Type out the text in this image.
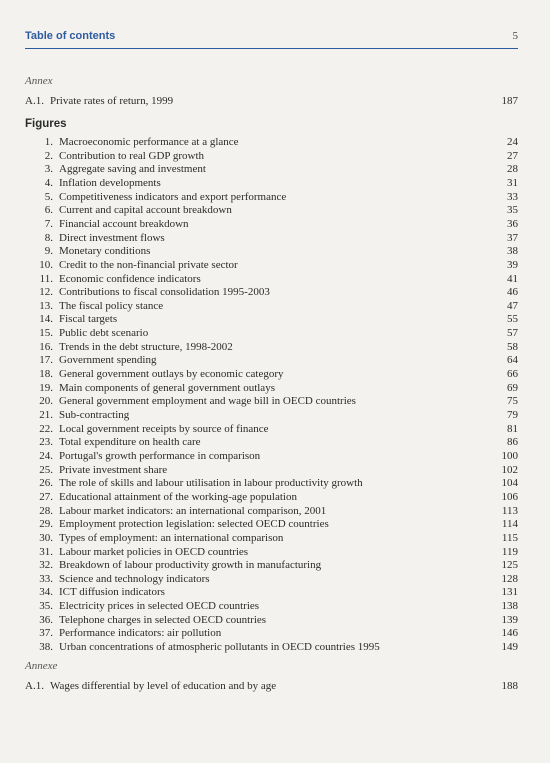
Table of contents	5
Annex
A.1. Private rates of return, 1999	187
Figures
1. Macroeconomic performance at a glance	24
2. Contribution to real GDP growth	27
3. Aggregate saving and investment	28
4. Inflation developments	31
5. Competitiveness indicators and export performance	33
6. Current and capital account breakdown	35
7. Financial account breakdown	36
8. Direct investment flows	37
9. Monetary conditions	38
10. Credit to the non-financial private sector	39
11. Economic confidence indicators	41
12. Contributions to fiscal consolidation 1995-2003	46
13. The fiscal policy stance	47
14. Fiscal targets	55
15. Public debt scenario	57
16. Trends in the debt structure, 1998-2002	58
17. Government spending	64
18. General government outlays by economic category	66
19. Main components of general government outlays	69
20. General government employment and wage bill in OECD countries	75
21. Sub-contracting	79
22. Local government receipts by source of finance	81
23. Total expenditure on health care	86
24. Portugal's growth performance in comparison	100
25. Private investment share	102
26. The role of skills and labour utilisation in labour productivity growth	104
27. Educational attainment of the working-age population	106
28. Labour market indicators: an international comparison, 2001	113
29. Employment protection legislation: selected OECD countries	114
30. Types of employment: an international comparison	115
31. Labour market policies in OECD countries	119
32. Breakdown of labour productivity growth in manufacturing	125
33. Science and technology indicators	128
34. ICT diffusion indicators	131
35. Electricity prices in selected OECD countries	138
36. Telephone charges in selected OECD countries	139
37. Performance indicators: air pollution	146
38. Urban concentrations of atmospheric pollutants in OECD countries 1995	149
Annexe
A.1. Wages differential by level of education and by age	188
